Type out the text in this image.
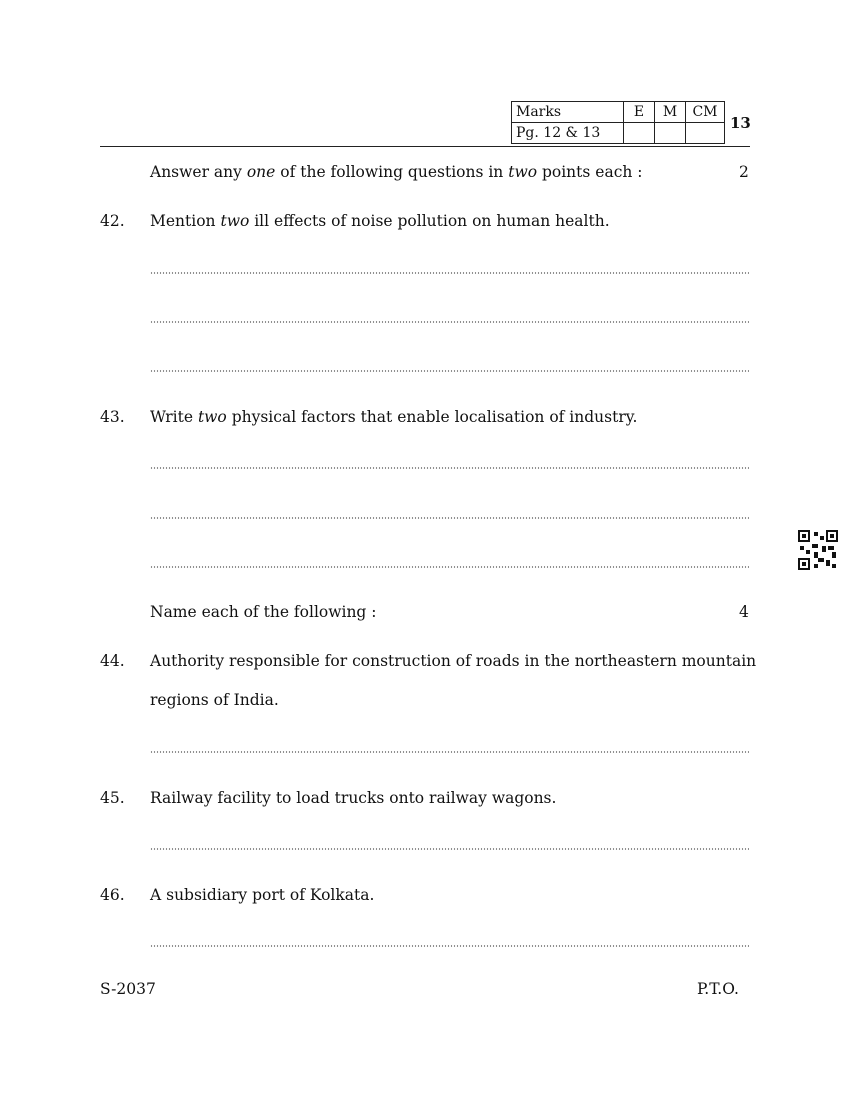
Marks	E	M	CM
Pg. 12 & 13			
13
Answer any one of the following questions in two points each :	2
42. Mention two ill effects of noise pollution on human health.
43. Write two physical factors that enable localisation of industry.
Name each of the following :	4
44. Authority responsible for construction of roads in the northeastern mountain
regions of India.
45. Railway facility to load trucks onto railway wagons.
46. A subsidiary port of Kolkata.
S-2037	P.T.O.
